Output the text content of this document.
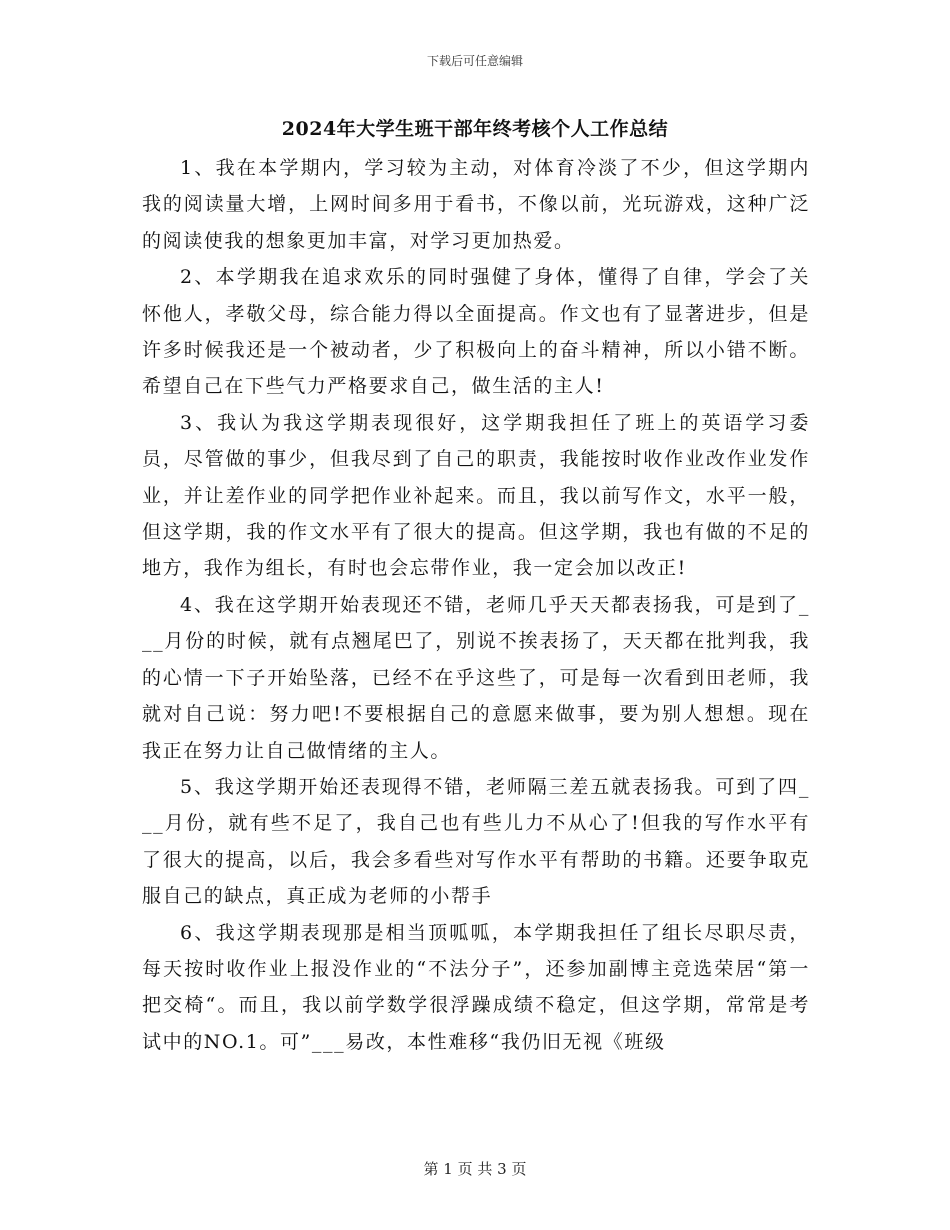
下载后可任意编辑
2024年大学生班干部年终考核个人工作总结

1、我在本学期内，学习较为主动，对体育冷淡了不少，但这学期内我的阅读量大增，上网时间多用于看书，不像以前，光玩游戏，这种广泛的阅读使我的想象更加丰富，对学习更加热爱。

2、本学期我在追求欢乐的同时强健了身体，懂得了自律，学会了关怀他人，孝敬父母，综合能力得以全面提高。作文也有了显著进步，但是许多时候我还是一个被动者，少了积极向上的奋斗精神，所以小错不断。希望自己在下些气力严格要求自己，做生活的主人!

3、我认为我这学期表现很好，这学期我担任了班上的英语学习委员，尽管做的事少，但我尽到了自己的职责，我能按时收作业改作业发作业，并让差作业的同学把作业补起来。而且，我以前写作文，水平一般，但这学期，我的作文水平有了很大的提高。但这学期，我也有做的不足的地方，我作为组长，有时也会忘带作业，我一定会加以改正!

4、我在这学期开始表现还不错，老师几乎天天都表扬我，可是到了___月份的时候，就有点翘尾巴了，别说不挨表扬了，天天都在批判我，我的心情一下子开始坠落，已经不在乎这些了，可是每一次看到田老师，我就对自己说：努力吧!不要根据自己的意愿来做事，要为别人想想。现在我正在努力让自己做情绪的主人。

5、我这学期开始还表现得不错，老师隔三差五就表扬我。可到了四___月份，就有些不足了，我自己也有些儿力不从心了!但我的写作水平有了很大的提高，以后，我会多看些对写作水平有帮助的书籍。还要争取克服自己的缺点，真正成为老师的小帮手

6、我这学期表现那是相当顶呱呱，本学期我担任了组长尽职尽责，每天按时收作业上报没作业的“不法分子”，还参加副博主竞选荣居“第一把交椅“。而且，我以前学数学很浮躁成绩不稳定，但这学期，常常是考试中的NO.1。可”___易改，本性难移“我仍旧无视《班级

第 1 页 共 3 页
